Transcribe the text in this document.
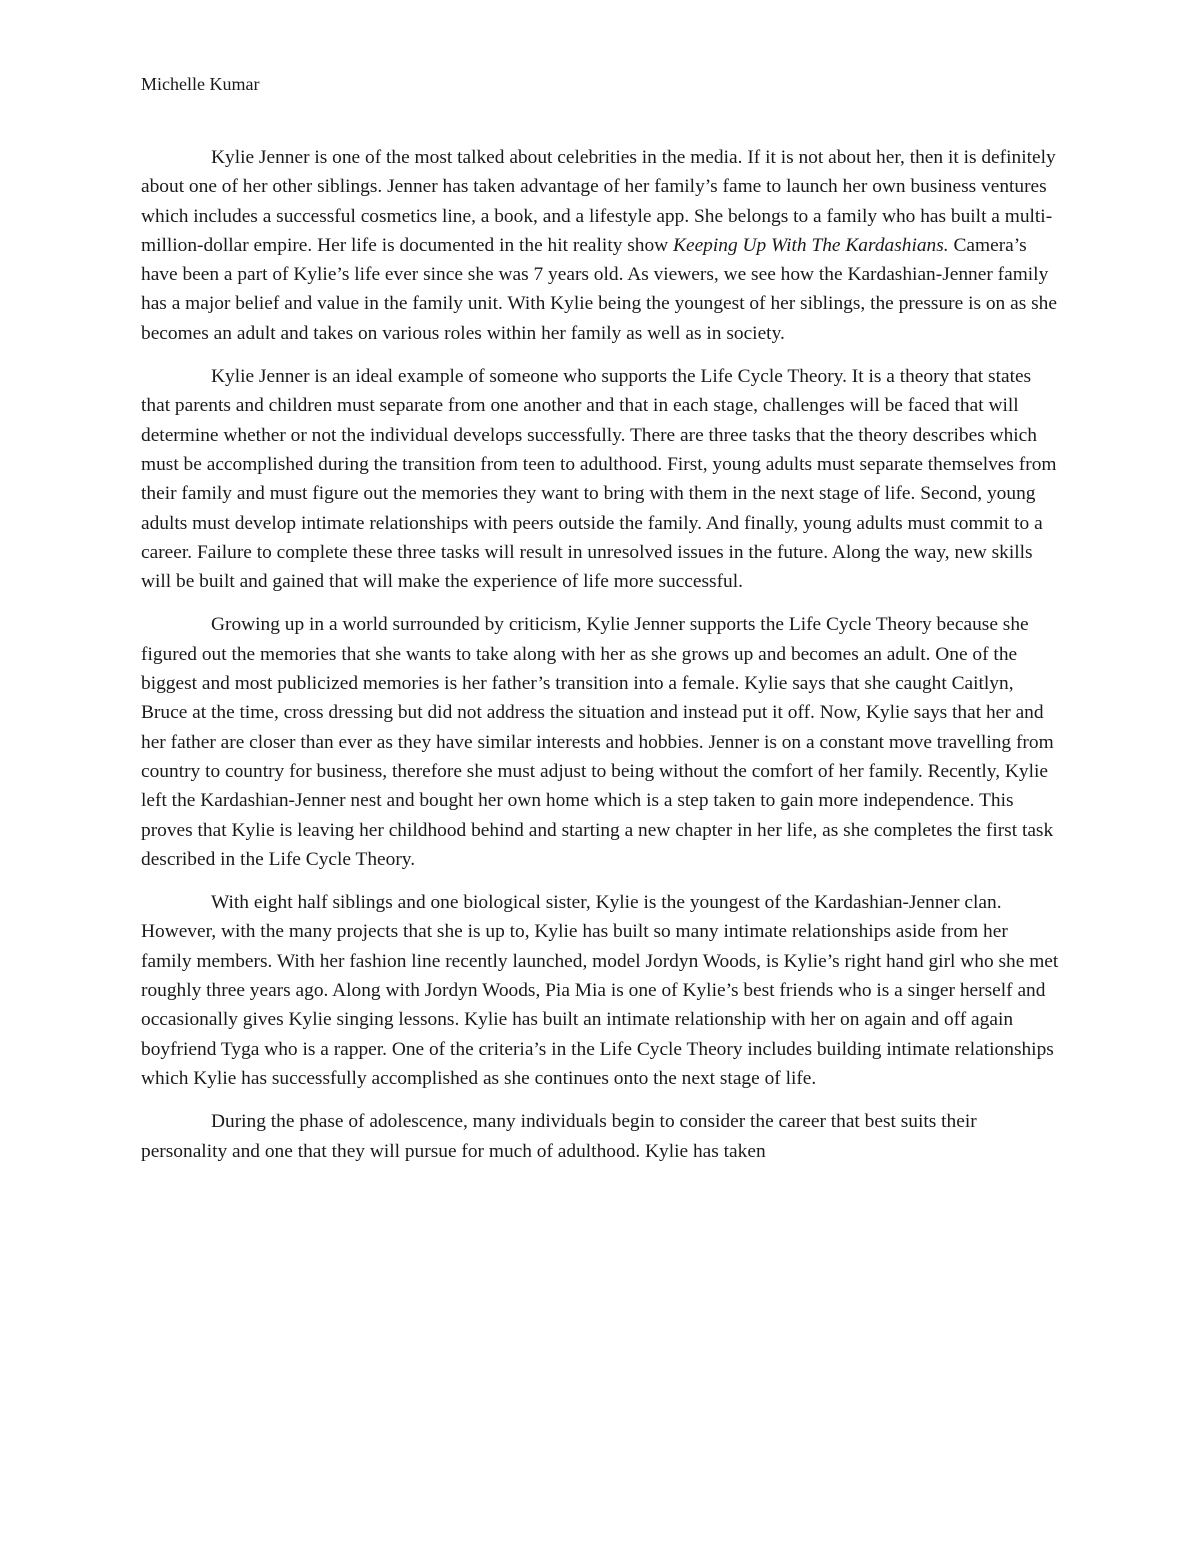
Michelle Kumar

Kylie Jenner is one of the most talked about celebrities in the media. If it is not about her, then it is definitely about one of her other siblings. Jenner has taken advantage of her family’s fame to launch her own business ventures which includes a successful cosmetics line, a book, and a lifestyle app. She belongs to a family who has built a multi-million-dollar empire. Her life is documented in the hit reality show Keeping Up With The Kardashians. Camera’s have been a part of Kylie’s life ever since she was 7 years old. As viewers, we see how the Kardashian-Jenner family has a major belief and value in the family unit. With Kylie being the youngest of her siblings, the pressure is on as she becomes an adult and takes on various roles within her family as well as in society.

Kylie Jenner is an ideal example of someone who supports the Life Cycle Theory. It is a theory that states that parents and children must separate from one another and that in each stage, challenges will be faced that will determine whether or not the individual develops successfully. There are three tasks that the theory describes which must be accomplished during the transition from teen to adulthood. First, young adults must separate themselves from their family and must figure out the memories they want to bring with them in the next stage of life. Second, young adults must develop intimate relationships with peers outside the family. And finally, young adults must commit to a career. Failure to complete these three tasks will result in unresolved issues in the future. Along the way, new skills will be built and gained that will make the experience of life more successful.

Growing up in a world surrounded by criticism, Kylie Jenner supports the Life Cycle Theory because she figured out the memories that she wants to take along with her as she grows up and becomes an adult. One of the biggest and most publicized memories is her father’s transition into a female. Kylie says that she caught Caitlyn, Bruce at the time, cross dressing but did not address the situation and instead put it off. Now, Kylie says that her and her father are closer than ever as they have similar interests and hobbies. Jenner is on a constant move travelling from country to country for business, therefore she must adjust to being without the comfort of her family. Recently, Kylie left the Kardashian-Jenner nest and bought her own home which is a step taken to gain more independence. This proves that Kylie is leaving her childhood behind and starting a new chapter in her life, as she completes the first task described in the Life Cycle Theory.

With eight half siblings and one biological sister, Kylie is the youngest of the Kardashian-Jenner clan. However, with the many projects that she is up to, Kylie has built so many intimate relationships aside from her family members. With her fashion line recently launched, model Jordyn Woods, is Kylie’s right hand girl who she met roughly three years ago. Along with Jordyn Woods, Pia Mia is one of Kylie’s best friends who is a singer herself and occasionally gives Kylie singing lessons. Kylie has built an intimate relationship with her on again and off again boyfriend Tyga who is a rapper. One of the criteria’s in the Life Cycle Theory includes building intimate relationships which Kylie has successfully accomplished as she continues onto the next stage of life.

During the phase of adolescence, many individuals begin to consider the career that best suits their personality and one that they will pursue for much of adulthood. Kylie has taken
